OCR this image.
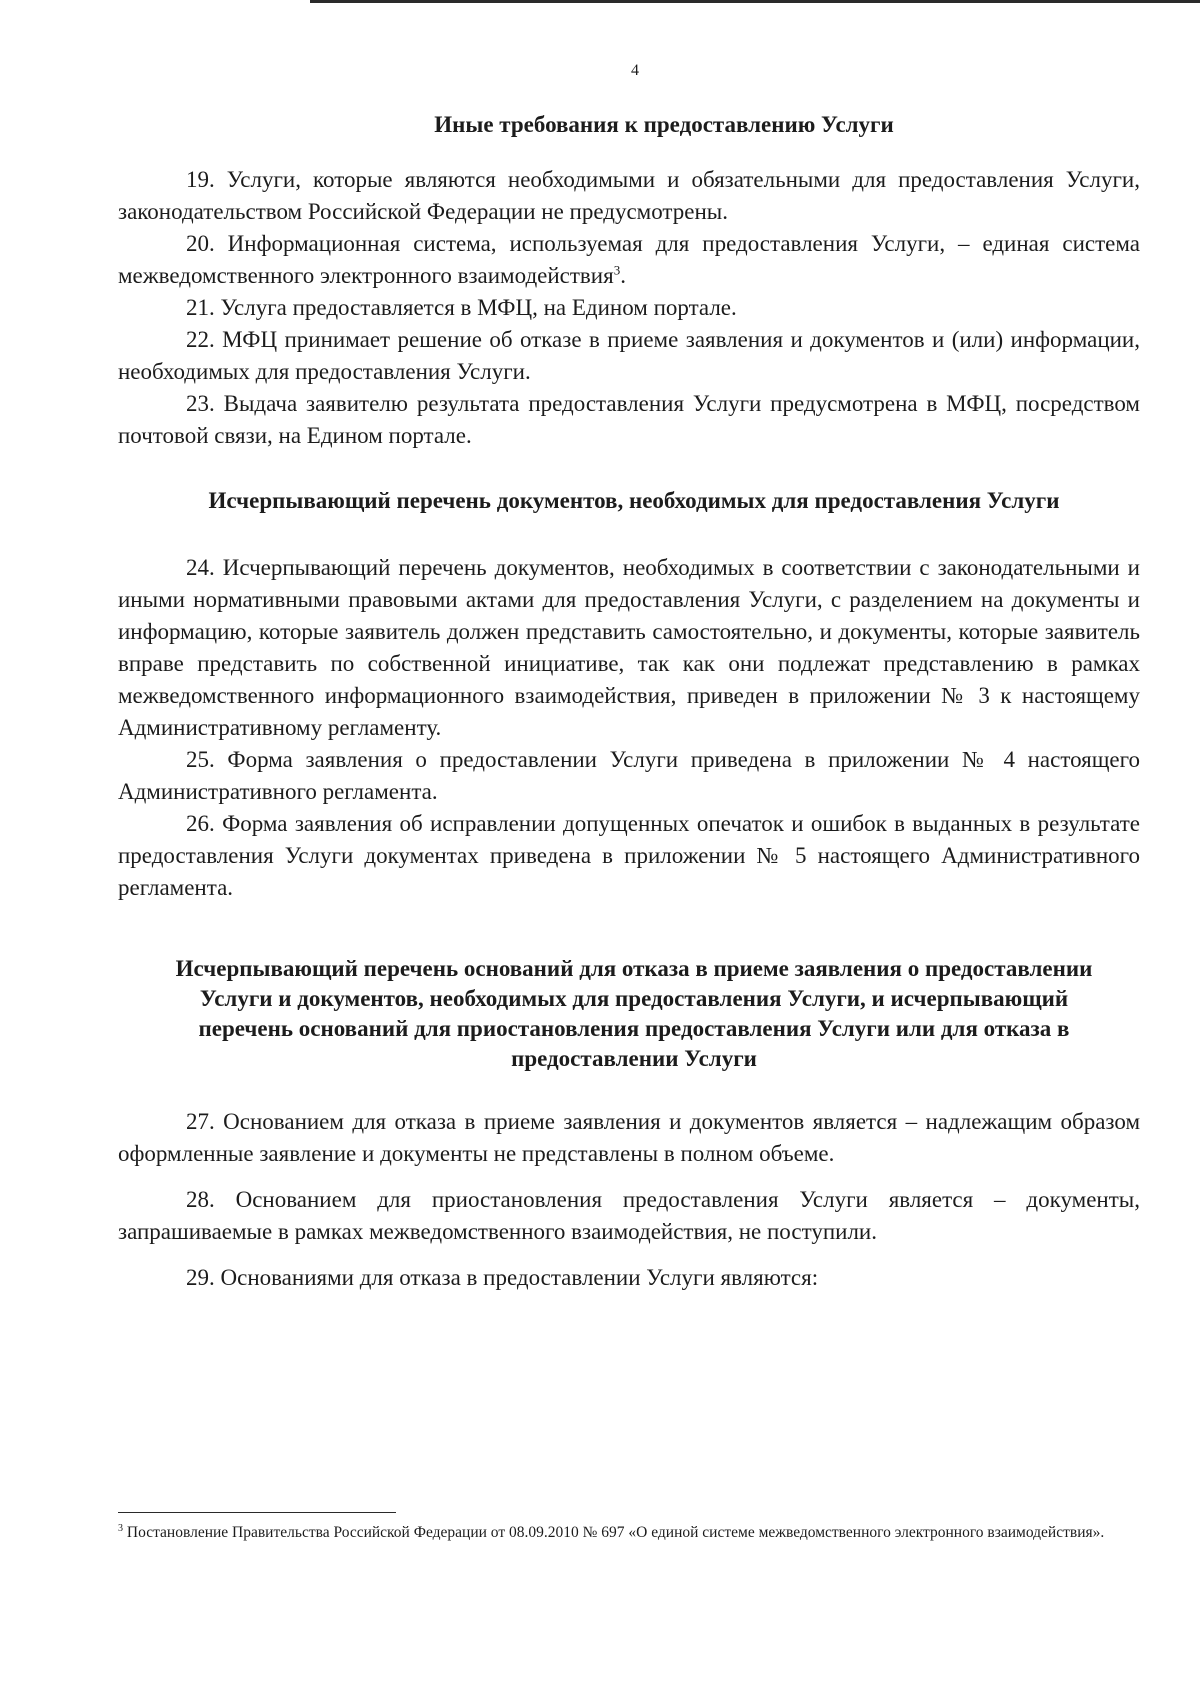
4
Иные требования к предоставлению Услуги

19. Услуги, которые являются необходимыми и обязательными для предоставления Услуги, законодательством Российской Федерации не предусмотрены.

20. Информационная система, используемая для предоставления Услуги, – единая система межведомственного электронного взаимодействия$^3$.

21. Услуга предоставляется в МФЦ, на Едином портале.

22. МФЦ принимает решение об отказе в приеме заявления и документов и (или) информации, необходимых для предоставления Услуги.

23. Выдача заявителю результата предоставления Услуги предусмотрена в МФЦ, посредством почтовой связи, на Едином портале.

Исчерпывающий перечень документов, необходимых для предоставления Услуги

24. Исчерпывающий перечень документов, необходимых в соответствии с законодательными и иными нормативными правовыми актами для предоставления Услуги, с разделением на документы и информацию, которые заявитель должен представить самостоятельно, и документы, которые заявитель вправе представить по собственной инициативе, так как они подлежат представлению в рамках межведомственного информационного взаимодействия, приведен в приложении № 3 к настоящему Административному регламенту.

25. Форма заявления о предоставлении Услуги приведена в приложении № 4 настоящего Административного регламента.

26. Форма заявления об исправлении допущенных опечаток и ошибок в выданных в результате предоставления Услуги документах приведена в приложении № 5 настоящего Административного регламента.

Исчерпывающий перечень оснований для отказа в приеме заявления о предоставлении Услуги и документов, необходимых для предоставления Услуги, и исчерпывающий перечень оснований для приостановления предоставления Услуги или для отказа в предоставлении Услуги

27. Основанием для отказа в приеме заявления и документов является – надлежащим образом оформленные заявление и документы не представлены в полном объеме.

28. Основанием для приостановления предоставления Услуги является – документы, запрашиваемые в рамках межведомственного взаимодействия, не поступили.

29. Основаниями для отказа в предоставлении Услуги являются:

$^3$ Постановление Правительства Российской Федерации от 08.09.2010 № 697 «О единой системе межведомственного электронного взаимодействия».
